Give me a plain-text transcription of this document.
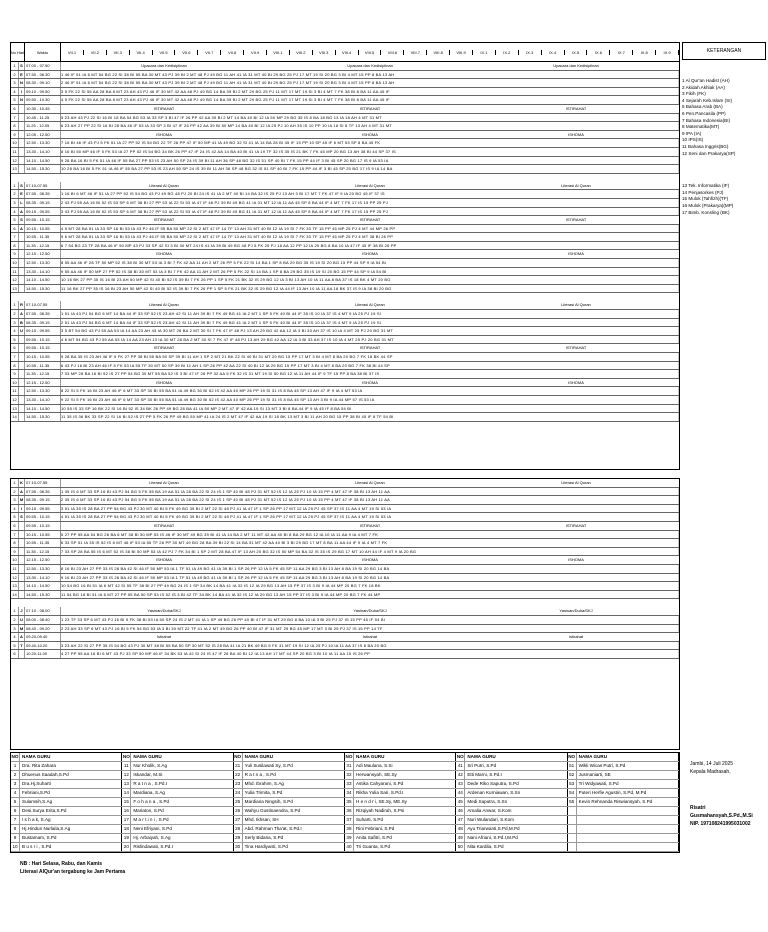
No Hari	Waktu	VII.1	VII.2	VII.3	VII.4	VII.5	VII.6	VII.7	VII.8	VII.9	VIII.1	VIII.2	VIII.3	VIII.4	VIII.5	VIII.6	VIII.7	VIII.8	VIII.9	IX.1	IX.2	IX.3	IX.4	IX.5	IX.6	IX.7	IX.8	IX.9
1	S 07.00 - 07.50	Upacara dan Kedisiplinan	Upacara dan Kedisiplinan	Upacara dan Kedisiplinan
2	E 07.50 - 08.30	1 46 IF 51 IA 6 MT 54 BG 22 SI 38 BI 55 BA 30 MT 43 PJ 39 BI 2 MT 48 PJ 49 BG 11 AH 41 IA 31 MT 40 BI 29 BG 25 PJ 17 MT 19 SI 20 BG 3 BI 4 MT 15 PP 8 BA 13 AH
3	N 08.30 - 09.10	2 46 IF 51 IA 6 MT 54 BG 22 SI 38 BI 55 BA 30 MT 43 PJ 39 BI 2 MT 48 PJ 49 BG 11 AH 41 IA 31 MT 40 BI 29 BG 25 PJ 17 MT 19 SI 20 BG 3 BI 4 MT 15 PP 8 BA 13 AH
4	I 09.10 - 09.50	3 5 FK 22 SI 55 AA 28 BA 6 MT 23 AH 43 PJ 46 IF 30 MT 42 AA 48 PJ 49 BG 14 BA 39 BI 2 MT 29 BG 25 PJ 11 MT 17 MT 19 SI 3 BI 4 MT 7 FK 38 BI 8 BA 11 AA 45 IF
5	N 09.50 - 10.30	4 5 FK 22 SI 55 AA 28 BA 6 MT 23 AH 43 PJ 46 IF 30 MT 42 AA 48 PJ 49 BG 14 BA 39 BI 2 MT 29 BG 25 PJ 11 MT 17 MT 19 SI 3 BI 4 MT 7 FK 38 BI 8 BA 11 AA 45 IF
6	10.30 - 10.45	ISTIRAHAT	ISTIRAHAT	ISTIRAHAT
7	10.45 - 11.25	5 23 AH 43 PJ 22 SI 16 BI 18 BA 54 BG 53 IA 33 SP 3 BI 47 IF 26 PP 42 AA 39 BI 2 MT 14 BA 40 BI 12 IA 50 MP 29 BG 35 IS 8 BA 18 BG 13 IA 18 AH 4 MT 31 MT
8	11.25 - 12.05	6 23 AH 27 PP 22 SI 16 BI 28 BA 46 IF 53 IA 33 SP 3 BI 47 IF 26 PP 42 AA 39 BI 50 MP 14 BA 40 BI 12 IA 25 PJ 10 AH 35 IS 10 PP 10 IA 18 SI 8 TF 13 AH 4 MT 31 MT
9	12.05 - 12.50	ISHOMA	ISHOMA	ISHOMA
10	12.50 - 13.30	7 16 BI 46 IF 43 PJ 5 FK 51 IA 27 PP 52 IS 54 BG 22 TF 26 PP 47 IF 50 MP 41 IA 49 BG 32 SI 41 IA 14 BA 28 BI 45 IF 15 PP 10 SP 45 IF 6 MT 53 SP 8 BA 45 FK
11	13.30 - 14.10	8 16 BI 50 MP 46 IF 5 FK 53 IA 27 PP 52 IS 54 BG 34 BK 26 PP 47 IF 24 IS 42 AA 14 BA 40 BI 41 IA 19 TF 32 IS 35 IS 21 BK 7 FK 45 MP 20 BG 13 AH 38 BI 44 SP 37 IS
12	14.10 - 14.50	9 28 BA 16 BI 5 FK 51 IA 46 IF 55 BA 27 PP 53 IS 23 AH 50 SP 24 IS 39 BI 11 AH 36 SP 48 BG 32 IS 51 SP 40 BI 7 FK 15 PP 44 IF 3 BI 45 SP 20 BG 17 IS 9 IA 53 IA
13	14.50 - 15.30	10 28 BA 16 BI 5 FK 51 IA 46 IF 55 BA 27 PP 53 IS 23 AH 50 SP 24 IS 39 BI 11 AH 36 SP 48 BG 32 IS 51 SP 40 BI 7 FK 15 PP 44 IF 3 BI 45 SP 20 BG 17 IS 9 IA 14 BA
1	S 07.10-07.55	Literasi Al Quran	Literasi Al Quran	Literasi Al Quran
2	E 07.55 - 08.35	1 16 BI 6 MT 46 IF 51 IA 27 PP 52 IS 54 BG 43 PJ 49 BG 48 PJ 20 BI 24 IS 41 IA 2 MT 40 BI 14 BA 32 IS 25 PJ 13 AH 3 BI 17 MT 7 FK 47 IF 9 IA 20 BG 45 IF 37 IS
3	L 08.35 - 09.15	2 43 PJ 55 AA 16 BI 52 IS 53 SP 6 MT 38 BI 27 PP 53 IA 22 SI 53 IA 47 IF 48 PJ 39 BI 49 BG 41 IA 31 MT 12 IA 11 AA 45 SP 8 BA 44 IF 4 MT 7 FK 17 IS 15 PP 25 PJ
4	A 09.15 - 09.55	3 43 PJ 55 AA 16 BI 52 IS 53 SP 6 MT 38 BI 27 PP 53 IA 22 SI 53 IA 47 IF 48 PJ 39 BI 49 BG 41 IA 31 MT 12 IA 11 AA 45 SP 8 BA 44 IF 4 MT 7 FK 17 IS 15 PP 25 PJ
5	S 09.55 - 10.15	ISTIRAHAT	ISTIRAHAT	ISTIRAHAT
6	A 10.15 - 10.55	4 5 MT 28 BA 51 IA 33 SP 16 BI 53 IA 43 PJ 46 IF 55 BA 50 MP 22 SI 2 MT 47 IF 14 TF 13 AH 31 MT 40 BI 12 IA 19 SI 7 FK 33 TF 15 PP 45 MP 25 PJ 4 MT 44 MP 26 PP
7	10.55 - 11.35	5 6 MT 28 BA 51 IA 33 SP 16 BI 53 IA 43 PJ 46 IF 55 BA 50 MP 22 SI 2 MT 47 IF 14 TF 13 AH 31 MT 40 BI 12 IA 19 SI 7 FK 33 TF 15 PP 45 MP 25 PJ 4 MT 38 BI 26 PP
8	11.35 - 12.15	6 7 54 BG 23 TF 28 BA 46 IF 50 MP 43 PJ 33 SP 42 SI 3 BI 30 MT 24 IS 41 IA 39 BI 49 BG 48 PJ 5 FK 25 PJ 18 AA 12 PP 12 IA 29 BG 8 BA 10 IA 47 IF 45 IF 38 BI 26 PP
9	12.15 - 12.50	ISHOMA	ISHOMA	ISHOMA
10	12.50 - 13.30	8 55 AA 46 IF 28 TF 50 MP 52 IS 38 BI 30 MT 53 IA 3 BI 7 FK 42 AA 11 AH 2 MT 26 PP 5 FK 22 SI 14 BA 1 SP 8 BA 29 BG 35 IS 19 SI 20 BG 15 PP 44 SP 9 IA 54 BI
11	13.30 - 14.10	9 55 AA 46 IF 50 MP 27 PP 52 IS 38 BI 30 MT 53 IA 3 BI 7 FK 42 AA 11 AH 2 MT 26 PP 5 FK 22 SI 14 BA 1 SP 8 BA 29 BG 35 IS 19 SI 20 BG 15 PP 44 SP 9 IA 54 BI
12	14.10 - 14.50	10 16 BK 27 PP 35 IS 16 BI 23 AH 50 MP 42 SI 40 BI 52 IS 39 BI 7 FK 26 PP 1 SP 5 FK 21 BK 32 IS 29 BG 12 IA 3 BI 13 AH 10 IA 11 AA 8 BA 37 IS 18 BK 4 MT 20 BG
13	14.50 - 15.30	11 16 BK 27 PP 35 IS 16 BI 23 AH 50 MP 42 SI 40 BI 52 IS 39 BI 7 FK 26 PP 1 SP 5 FK 21 BK 32 IS 29 BG 12 IA 44 IF 13 AH 10 IA 11 AA 18 BK 37 IS 9 IA 38 BI 20 BG
1	R 07.10-07.55	Literasi Al Quran	Literasi Al Quran	Literasi Al Quran
2	A 07.55 - 08.35	1 51 IA 43 PJ 54 BG 6 MT 14 BA 44 IF 33 SP 52 IS 23 AH 42 SI 11 AH 39 BI 7 FK 49 BG 41 IA 2 MT 1 SP 5 FK 40 BI 44 IF 35 IS 10 IA 37 IS 4 MT 9 IA 25 PJ 19 SI
3	B 08.35 - 09.15	2 51 IA 43 PJ 54 BG 6 MT 14 BA 44 IF 33 SP 52 IS 23 AH 42 SI 11 AH 39 BI 7 FK 49 BG 41 IA 2 MT 1 SP 5 FK 40 BI 44 IF 35 IS 10 IA 37 IS 4 MT 9 IA 25 PJ 19 SI
4	U 09.15 - 09.55	3 5 BT 54 BG 43 PJ 55 AA 53 IA 14 AA 23 AH 43 IA 30 MT 28 BA 2 MT 30 SI 7 FK 47 IF 48 PJ 13 AH 29 BG 42 AA 12 IA 3 BI 33 AH 37 IS 10 IA 4 MT 25 PJ 20 BG 31 MT
5	09.55 - 10.15	4 6 MT 54 BG 43 PJ 55 AA 53 IA 14 AA 23 AH 13 IA 30 MT 28 BA 2 MT 30 SI 7 FK 47 IF 48 PJ 13 AH 29 BG 42 AA 12 IA 3 BI 33 AH 37 IS 10 IA 4 MT 25 PJ 20 BG 31 MT
6	09.55 - 10.15	ISTIRAHAT	ISTIRAHAT	ISTIRAHAT
7	10.15 - 10.55	5 28 BA 35 IS 23 AH 46 IF 5 FK 27 PP 38 BI 55 BA 50 SP 39 BI 11 AH 1 SP 2 MT 21 BK 22 SI 40 BI 31 MT 29 BG 15 PP 17 MT 3 BI 4 MT 8 BA 20 BG 7 FK 18 BK 44 SP
8	10.55 - 11.35	6 43 PJ 16 BI 23 AH 46 IF 5 FK 53 IA 55 TF 30 MT 50 SP 39 BI 11 AH 1 SP 26 PP 42 AA 22 SI 40 BI 12 IA 29 BG 15 PP 17 MT 3 BI 4 MT 8 BA 20 BG 7 FK 38 BI 44 SP
9	11.35 - 12.15	7 33 MP 28 BA 16 BI 52 IS 27 PP 54 BG 30 MT 55 BA 52 IS 3 BI 47 IF 26 PP 32 AA 5 FK 32 IS 31 MT 19 SI 50 BG 12 IA 11 AH 44 IF 9 TF 15 PP 8 BA 38 BI 37 IS
10	12.15 - 12.50	ISHOMA	ISHOMA	ISHOMA
11	12.50 - 13.30	8 22 SI 5 FK 16 BI 23 AH 46 IF 6 MT 33 SP 30 BI 55 BA 51 IA 49 BG 30 BI 52 IS 42 AA 40 MP 26 PP 19 SI 31 IS 8 BA 45 SP 13 AH 47 IF 9 IA 4 MT 53 IA
12	13.30 - 14.10	9 22 SI 5 FK 16 BI 23 AH 46 IF 6 MT 33 SP 30 BI 55 BA 51 IA 49 BG 30 BI 52 IS 42 AA 40 MP 26 PP 19 SI 31 IS 8 BA 45 SP 13 AH 3 BI 9 IA 44 MP 57 IS 53 IA
13	14.10 - 14.50	10 55 IS 33 SP 16 BK 22 SI 16 BI 52 IS 34 BK 26 PP 49 BG 28 BA 41 IA 50 MP 2 MT 47 IF 42 AA 19 SI 13 MT 3 BI 8 BA 44 IF 9 IA 45 IF 8 BA 54 BI
14	14.50 - 15.30	11 35 IS 36 BK 33 SP 22 SI 16 BI 52 IS 27 PP 5 FK 26 PP 49 BG 50 MP 41 IA 24 IS 2 MT 47 IF 42 AA 19 SI 18 BK 13 MT 3 BI 11 AH 20 BG 15 PP 38 BI 45 IF 8 TF 54 BI
1	K 07.10-07.55	Literasi Al Quran	Literasi Al Quran	Literasi Al Quran
2	A 07.55 - 08.35	1 35 IS 6 MT 33 SP 16 BI 43 PJ 54 BG 5 FK 55 BA 19 AA 51 IA 28 BA 22 SI 24 IS 1 SP 40 BI 48 PJ 31 MT 52 IS 12 IA 25 PJ 10 IA 15 PP 4 MT 47 IF 38 BI 13 AH 11 AA
3	M 08.35 - 09.15	2 35 IS 6 MT 33 SP 16 BI 43 PJ 54 BG 5 FK 55 BA 19 AA 51 IA 28 BA 22 SI 24 IS 1 SP 40 BI 48 PJ 31 MT 52 IS 12 IA 25 PJ 10 IA 15 PP 4 MT 47 IF 38 BI 13 AH 11 AA
4	I 09.15 - 09.55	3 51 IA 35 IS 28 BA 27 PP 54 BG 43 PJ 30 MT 40 BI 5 FK 49 BG 39 BI 2 MT 22 SI 48 PJ 41 IA 47 IF 1 SP 26 PP 17 MT 12 IA 25 PJ 45 SP 37 IS 11 AA 4 MT 19 SI 53 IA
5	S 09.55 - 10.15	4 51 IA 35 IS 28 BA 27 PP 54 BG 43 PJ 30 MT 40 BI 5 FK 49 BG 39 BI 2 MT 22 SI 48 PJ 41 IA 47 IF 1 SP 26 PP 17 MT 12 IA 25 PJ 45 SP 37 IS 11 AA 4 MT 19 SI 53 IA
6	09.55 - 10.15	ISTIRAHAT	ISTIRAHAT	ISTIRAHAT
7	10.15 - 10.55	5 27 PP 55 AA 54 BG 28 BA 6 MT 38 BI 50 MP 53 IS 46 IF 30 MT 49 BG 39 BI 41 IA 14 BA 2 MT 11 MT 42 AA 40 BI 8 BA 29 BG 12 IA 10 IA 11 AA 9 IA 4 MT 7 FK
8	10.55 - 11.35	6 33 SP 51 IA 35 IS 52 IS 6 MT 46 IF 53 IA 55 TF 26 PP 30 MT 49 BG 28 BA 39 BI 22 SI 14 BA 31 MT 42 AA 40 BI 3 BI 29 BG 17 MT 8 BA 11 AA 44 IF 9 IA 4 MT 7 FK
9	11.35 - 12.15	7 33 SP 28 BA 55 IS 6 MT 52 IS 38 BI 50 MP 53 IA 42 PJ 7 FK 34 BI 1 SP 2 MT 28 BA 47 IF 13 AH 20 BG 32 IS 50 MP 54 BA 32 IS 35 IS 29 BG 17 MT 10 AH 44 IF 4 MT 9 IA 20 BG
10	12.15 - 12.50	ISHOMA	ISHOMA	ISHOMA
11	12.50 - 13.30	8 16 BI 23 AH 27 PP 33 IS 28 BA 42 SI 46 IF 50 MP 53 IA 1 TF 51 IA 49 BG 41 IA 39 BI 1 SP 26 PP 12 IA 5 FK 45 SP 11 AA 29 BG 3 BI 13 AH 8 BA 19 SI 20 BG 14 BA
12	13.30 - 14.10	9 16 BI 23 AH 27 PP 33 IS 28 BA 42 SI 46 IF 50 MP 53 IA 1 TF 51 IA 49 BG 41 IA 39 BI 1 SP 26 PP 12 IA 5 FK 45 SP 11 AA 29 BG 3 BI 13 AH 8 BA 19 SI 20 BG 14 BA
13	14.10 - 14.50	10 54 BG 16 BI 51 IA 6 MT 42 SI 55 TF 38 BI 27 PP 49 BG 24 IS 1 SP 34 BK 14 BA 41 IA 32 IS 12 IA 29 BG 13 AH 15 PP 37 IS 3 BI 9 IA 44 MP 20 BG 7 FK 18 BK
14	14.50 - 15.30	11 54 BG 16 BI 51 IA 6 MT 27 PP 55 BA 50 SP 53 IS 52 IS 3 BI 42 TF 34 BK 14 BA 41 IA 32 IS 12 IA 29 BG 13 AH 15 PP 37 IS 3 BI 9 IA 44 MP 20 BG 7 FK 44 MP
1	J 07.10 - 08.00	Yasinan/Duha/SKJ	Yasinan/Duha/SKJ	Yasinan/Duha/SKJ
2	U 08.00 - 08.40	1 23 TF 33 SP 6 MT 43 PJ 16 BI 5 FK 38 BI 53 IA 50 SP 24 IS 2 MT 41 IA 1 SP 49 BG 26 PP 40 BI 47 IF 31 MT 29 BG 8 BA 10 IA 3 BI 25 PJ 37 IS 15 PP 45 IF 54 BI
3	M 08.40 - 09.20	2 23 AH 33 SP 6 MT 43 PJ 16 BI 5 FK 54 BG 53 IA 3 BI 30 MT 22 TF 41 IA 2 MT 49 BG 26 PP 40 BI 47 IF 31 MT 29 BG 45 MP 17 MT 3 BI 25 PJ 37 IS 15 PP 14 TF
4	A 09.20-09.40	Istirahat	Istirahat	Istirahat
5	T 09.40-10.20	3 23 AH 22 SI 27 PP 35 IS 54 BG 43 PJ 30 MT 38 BI 55 BA 50 SP 30 MT 52 IS 28 BA 41 IA 21 BK 49 BG 5 FK 31 MT 19 SI 12 IA 25 PJ 10 IA 11 AA 37 IS 8 BA 20 BG
6	10.20-11.00	4 27 PP 55 AA 16 BI 6 MT 43 PJ 33 SP 50 MP 46 IF 34 BK 53 IA 42 SI 24 IS 47 IF 28 BA 40 BI 12 IA 13 AH 17 MT 44 SP 20 BG 3 BI 10 IA 11 AA 15 IS 26 PP
KETERANGAN
1 Al Qur'an Hadist (AH)
2 Akidah Akhlak (AA)
3 Fikih (FK)
4 Sejarah Keb.Islam (SI)
5 Bahasa Arab (BA)
6 Pen.Pancasila (PP)
7 Bahasa Indonesia(BI)
8 Matematika(MT)
9 IPA (IA)
10 IPS(IS)
11 Bahasa Inggris(BG)
12 Seni dan Prakarya(SP)
13 Tek. Informatika (IF)
14 Penjasorkes (PJ)
15 Mulok (Tahfizh)(TF)
16 Mulok (Prakarya)(MP)
17 Bimb. Konsling (BK)
NO NAMA GURU	NO NAMA GURU	NO NAMA GURU	NO NAMA GURU	NO NAMA GURU	NO NAMA GURU
1	Dra. Rita Zahara	11	Nur Kholik, S.Ag	21 Yuli Susilawati Sy, S.Pd	31 Adi Maulana, S.Si	41 Sri Putri, S.Pd	51 Wikli Wicas Putri, S.Pd
2	Dhuenus Saadah,S.Pd	12 Iskandar, M.Si	22 R a t n a , S.Pd	32 Herwansyah, SE.Sy	42 Etti Marni, S.Pd.I	52 Jusmaniarti, SE
3	Dra.Hj.Suharti	13 R a t n a , S.Pd.I	23 Mhd. Ibrahim, S.Ag	33 Astika Cahyarani, S.Pd	43 Dede Riko Saputra, S.Pd	53 Tri Widyawati, S.Pd
4	Febriani,S.Pd	14 Mardiana, S.Ag	24 Yulia Trimita, S.Pd	34 Rikha Yulia Sari, S.Pd.I	44 Ardenan Kurniawan, S.Sn	54 Puteri Herfie Agustin, S.Pd, M.Pd
5	Sulamsih,S.Ag	15 F o h a n a , S.Pd	25 Mardiana Ningsih, S.Pd	35 H e n d r i, SE.Sy, ME.Sy	45 Medi Saputra, S.Sn	55 Kevin Rehnanda Riswiansyah, S.Pd
6	Desi.Surya Erita,S.Pd	16 Mariaton, S.Pd	26 Wahyu Gustinaendra, S.Pd	36 Rizqiyah Nadirah, S.Psi	46 Amalia Anwar, S.Kom
7	I s h a k, S.Ag	17 M a r t i n i , S.Pd	27 Mhd. Ikhsan, SH	37 Suharti, S.Pd	47 Nuri Wulandari, S.Kom
8	Hj.Hindun Nurlaila,S.Ag	18 Neni Efriyani, S.Pd	28 Abd. Rahman Tha'at, S.Pd.I	38 Rini Febriani, S.Pd	48 Ayu Triarwanti,S.Pd,M.Pd
9	Bustamam, S.Pd	19 Hj. Arbaiyah, S.Ag	29 Serly Bidaria, S.Pd	39 Anita Safitri, S.Pd	49 Nani Afriani, S.Pd.I,M.Pd
10 B u s r i , S.Pd	20 Rislindawati, S.Pd.I	30 Tina Hardiyanti, S.Pd	40 Tri Guanta, S.Pd	50 Nita Kardila, S.Pd
Jambi, 14 Juli 2025
Kepala Madrasah,
Risatri Gusmahansyah,S.Pd.,M.Si
NIP. 197108241995031002
NB : Hari Selasa, Rabu, dan Kamis
Literasi AlQur'an tergabung ke Jam Pertama
